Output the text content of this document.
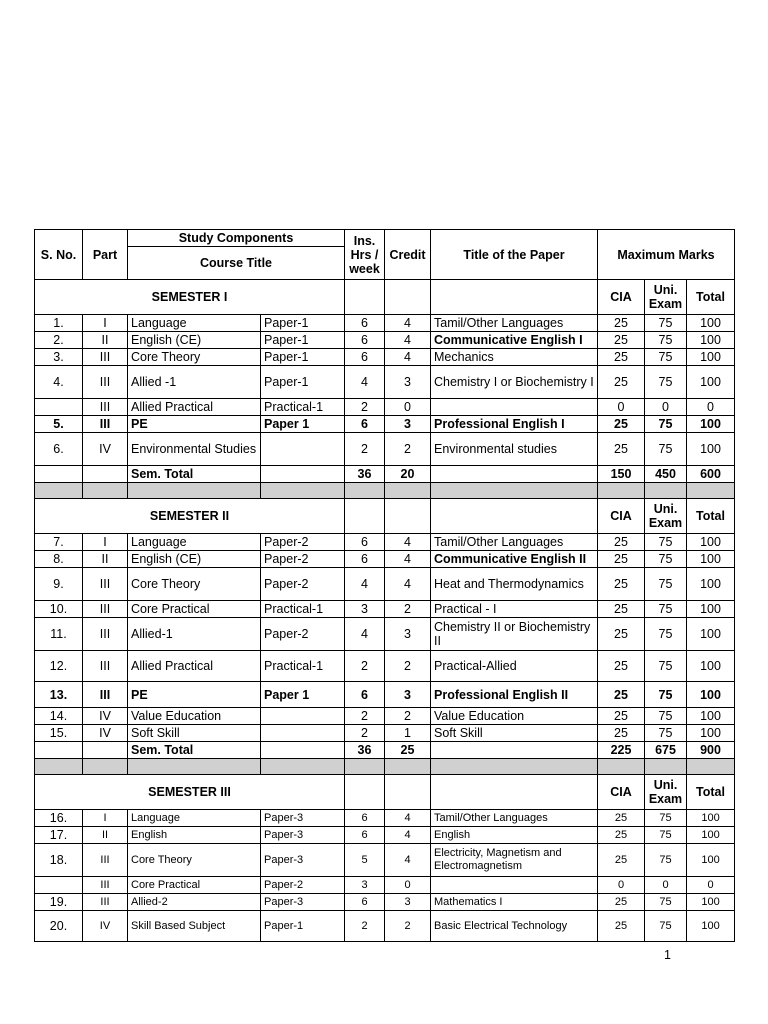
S. No.	Part	Study Components		Ins. Hrs / week	Credit	Title of the Paper	Maximum Marks		
		Course Title							

SEMESTER I							CIA	Uni. Exam	Total
1.	I	Language	Paper-1	6	4	Tamil/Other Languages	25	75	100
2.	II	English (CE)	Paper-1	6	4	Communicative English I	25	75	100
3.	III	Core Theory	Paper-1	6	4	Mechanics	25	75	100
4.	III	Allied -1	Paper-1	4	3	Chemistry I or Biochemistry I	25	75	100
	III	Allied Practical	Practical-1	2	0		0	0	0
5.	III	PE	Paper 1	6	3	Professional English I	25	75	100
6.	IV	Environmental Studies		2	2	Environmental studies	25	75	100
		Sem. Total		36	20		150	450	600

SEMESTER II							CIA	Uni. Exam	Total
7.	I	Language	Paper-2	6	4	Tamil/Other Languages	25	75	100
8.	II	English (CE)	Paper-2	6	4	Communicative English II	25	75	100
9.	III	Core Theory	Paper-2	4	4	Heat and Thermodynamics	25	75	100
10.	III	Core Practical	Practical-1	3	2	Practical - I	25	75	100
11.	III	Allied-1	Paper-2	4	3	Chemistry II or Biochemistry II	25	75	100
12.	III	Allied Practical	Practical-1	2	2	Practical-Allied	25	75	100
13.	III	PE	Paper 1	6	3	Professional English II	25	75	100
14.	IV	Value Education		2	2	Value Education	25	75	100
15.	IV	Soft Skill		2	1	Soft Skill	25	75	100
		Sem. Total		36	25		225	675	900

SEMESTER III							CIA	Uni. Exam	Total
16.	I	Language	Paper-3	6	4	Tamil/Other Languages	25	75	100
17.	II	English	Paper-3	6	4	English	25	75	100
18.	III	Core Theory	Paper-3	5	4	Electricity, Magnetism and Electromagnetism	25	75	100
	III	Core Practical	Paper-2	3	0		0	0	0
19.	III	Allied-2	Paper-3	6	3	Mathematics I	25	75	100
20.	IV	Skill Based Subject	Paper-1	2	2	Basic Electrical Technology	25	75	100
1
